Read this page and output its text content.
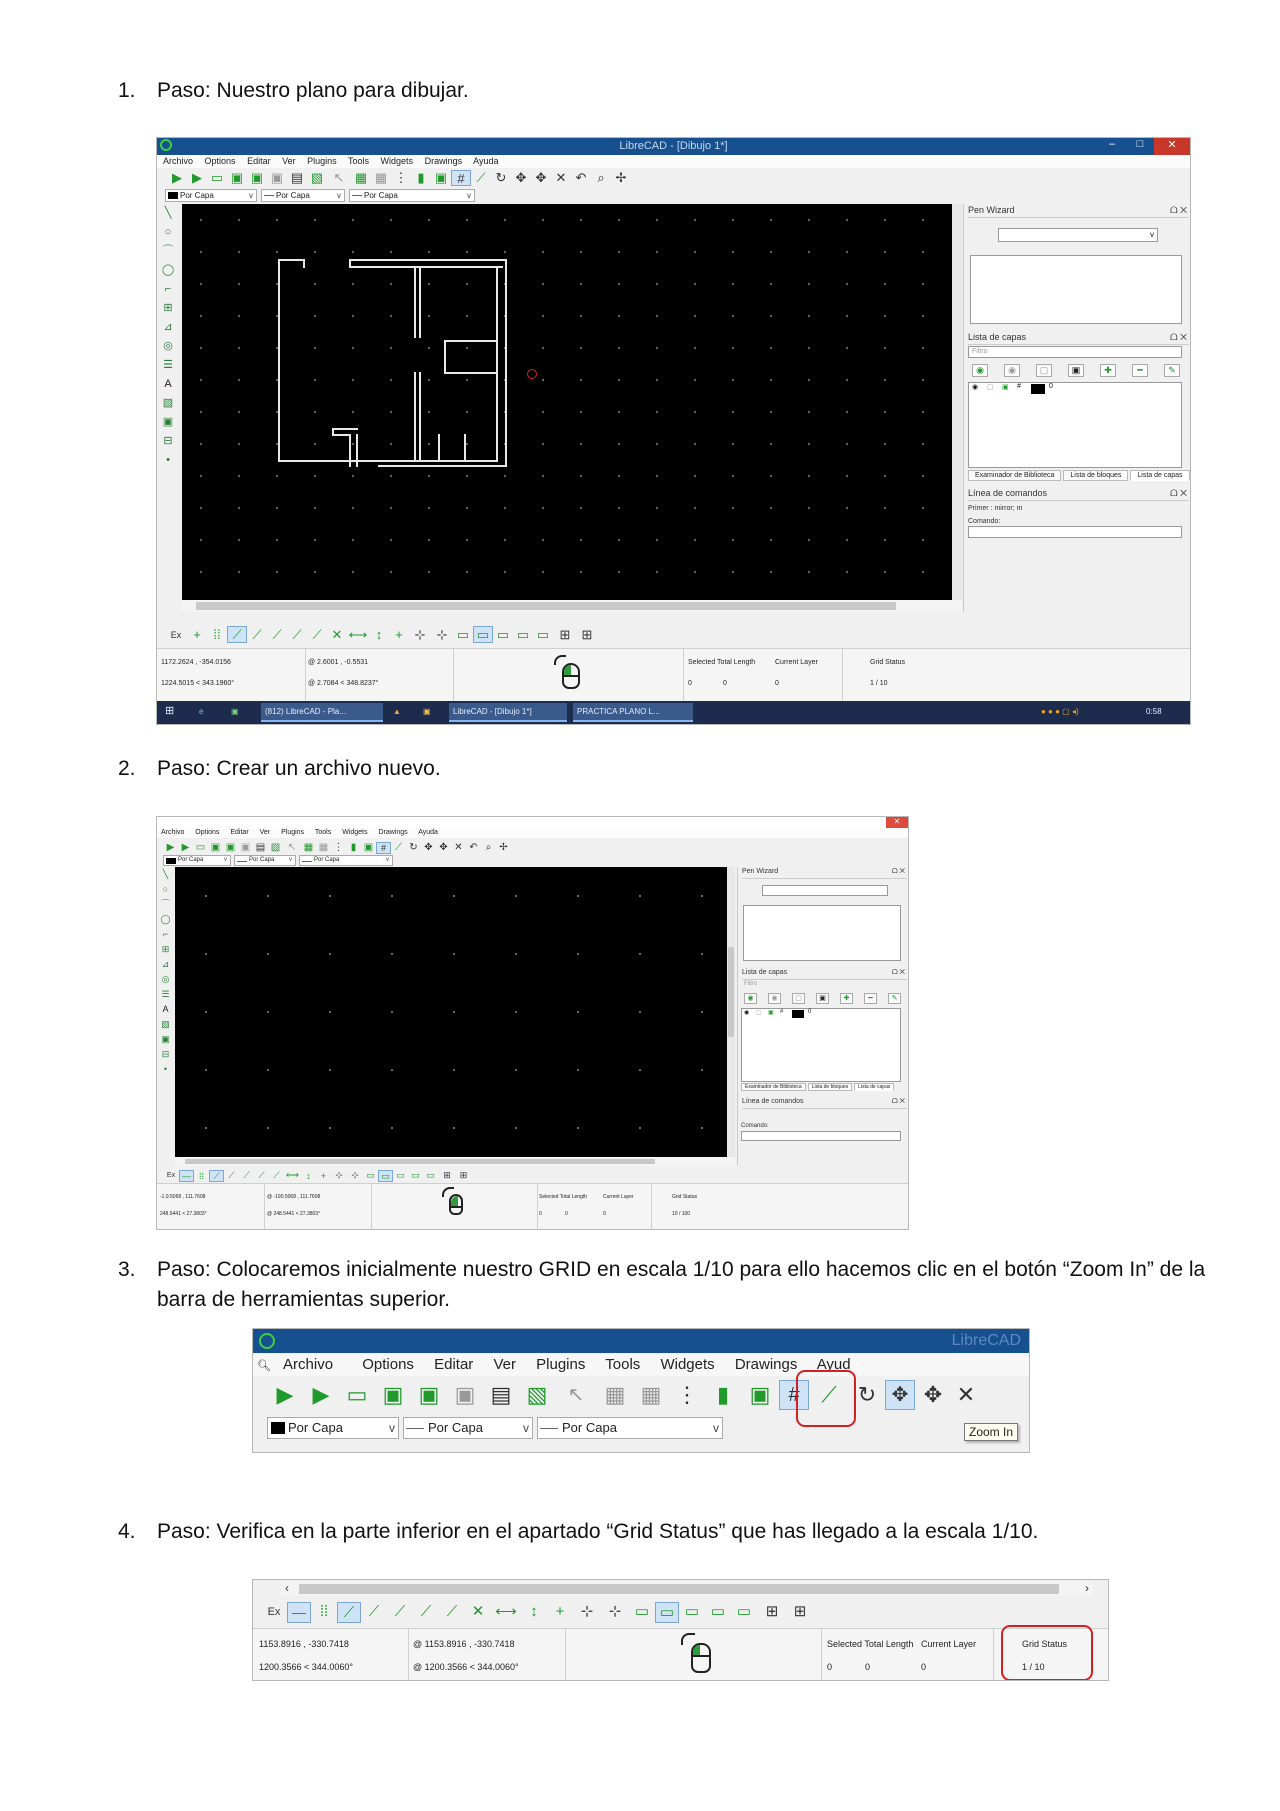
1. Paso: Nuestro plano para dibujar.
LibreCAD - [Dibujo 1*]	–	□	✕
Archivo Options Editar Ver Plugins Tools Widgets Drawings Ayuda
▶ ▶ ▭ ▣ ▣ ▣ ▤ ▧ ↖ ▦ ▦ ⋮ ▮ ▣ # ⟋ ↻ ✥ ✥ ✕ ↶ ⌕ ✢
Por Capa	v	Por Capa	v	Por Capa	v
╲
○
⌒
◯
⌐
⊞
⊿
◎
☰
A
▧
▣
⊟
•
Pen Wizard	ᗝ ✕
v
Lista de capas	ᗝ ✕
Filtro
◉	◉	▢	▣	✚	━	✎
◉ ▢ ▣ #	0
Examinador de Biblioteca Lista de bloques Lista de capas
Línea de comandos	ᗝ ✕
Primer : mirror; m
Comando:
Ex + ⁞⁞ ⟋ ⟋ ⟋ ⟋ ⟋ ✕ ⟷ ↕ + ⊹ ⊹ ▭ ▭ ▭ ▭ ▭ ⊞ ⊞
1172.2624 , -354.0156
1224.5015 < 343.1960°
@ 2.6001 , -0.5531
@ 2.7084 < 348.8237°
Selected Total Length
0	0
Current Layer
0
Grid Status
1 / 10
⊞	e	▣	(812) LibreCAD - Pla...	▲	▣	LibreCAD - [Dibujo 1*]	PRACTICA PLANO L...	● ● ● ▢ ◂)	0:58
2. Paso: Crear un archivo nuevo.
✕
Archivo Options Editar Ver Plugins Tools Widgets Drawings Ayuda
▶ ▶ ▭ ▣ ▣ ▣ ▤ ▧ ↖ ▦ ▦ ⋮ ▮ ▣ # ⟋ ↻ ✥ ✥ ✕ ↶ ⌕ ✢
Por Capa	v	Por Capa v	Por Capa	v
╲
○
⌒
◯
⌐
⊞
⊿
◎
☰
A
▧
▣
⊟
•
Pen Wizard	ᗝ ✕
Lista de capas	ᗝ ✕
Filtro
◉	◉	▢	▣	✚	━	✎
◉ ▢ ▣ #	0
Examinador de Biblioteca Lista de bloques Lista de capas
Línea de comandos	ᗝ ✕
Comando:
Ex — ⁞⁞ ⟋ ⟋ ⟋ ⟋ ⟋ ⟷ ↕ + ⊹ ⊹ ▭ ▭ ▭ ▭ ▭ ⊞ ⊞
-1.9.5068 , 111.7608
248.5441 < 27.3803°
@ -190.5068 , 111.7608
@ 248.5441 < 27.3803°
Selected Total Length
0	0
Current Layer
0
Grid Status
10 / 100
3. Paso: Colocaremos inicialmente nuestro GRID en escala 1/10 para ello hacemos clic en el botón “Zoom In” de la barra de herramientas superior.
LibreCAD
🔍︎ Archivo Options Editar Ver Plugins Tools Widgets Drawings Ayud
▶ ▶ ▭ ▣ ▣ ▣ ▤ ▧ ↖ ▦ ▦ ⋮ ▮ ▣ # ⟋ ↻ ✥ ✥ ✕
Por Capa	v	Por Capa	v	Por Capa	v	Zoom In
4. Paso: Verifica en la parte inferior en el apartado “Grid Status” que has llegado a la escala 1/10.
‹	›
Ex — ⁞⁞ ⟋ ⟋ ⟋ ⟋ ⟋ ✕ ⟷ ↕ + ⊹ ⊹ ▭ ▭ ▭ ▭ ▭ ⊞ ⊞
1153.8916 , -330.7418
1200.3566 < 344.0060°
@ 1153.8916 , -330.7418
@ 1200.3566 < 344.0060°
Selected Total Length
0	0
Current Layer
0
Grid Status
1 / 10
